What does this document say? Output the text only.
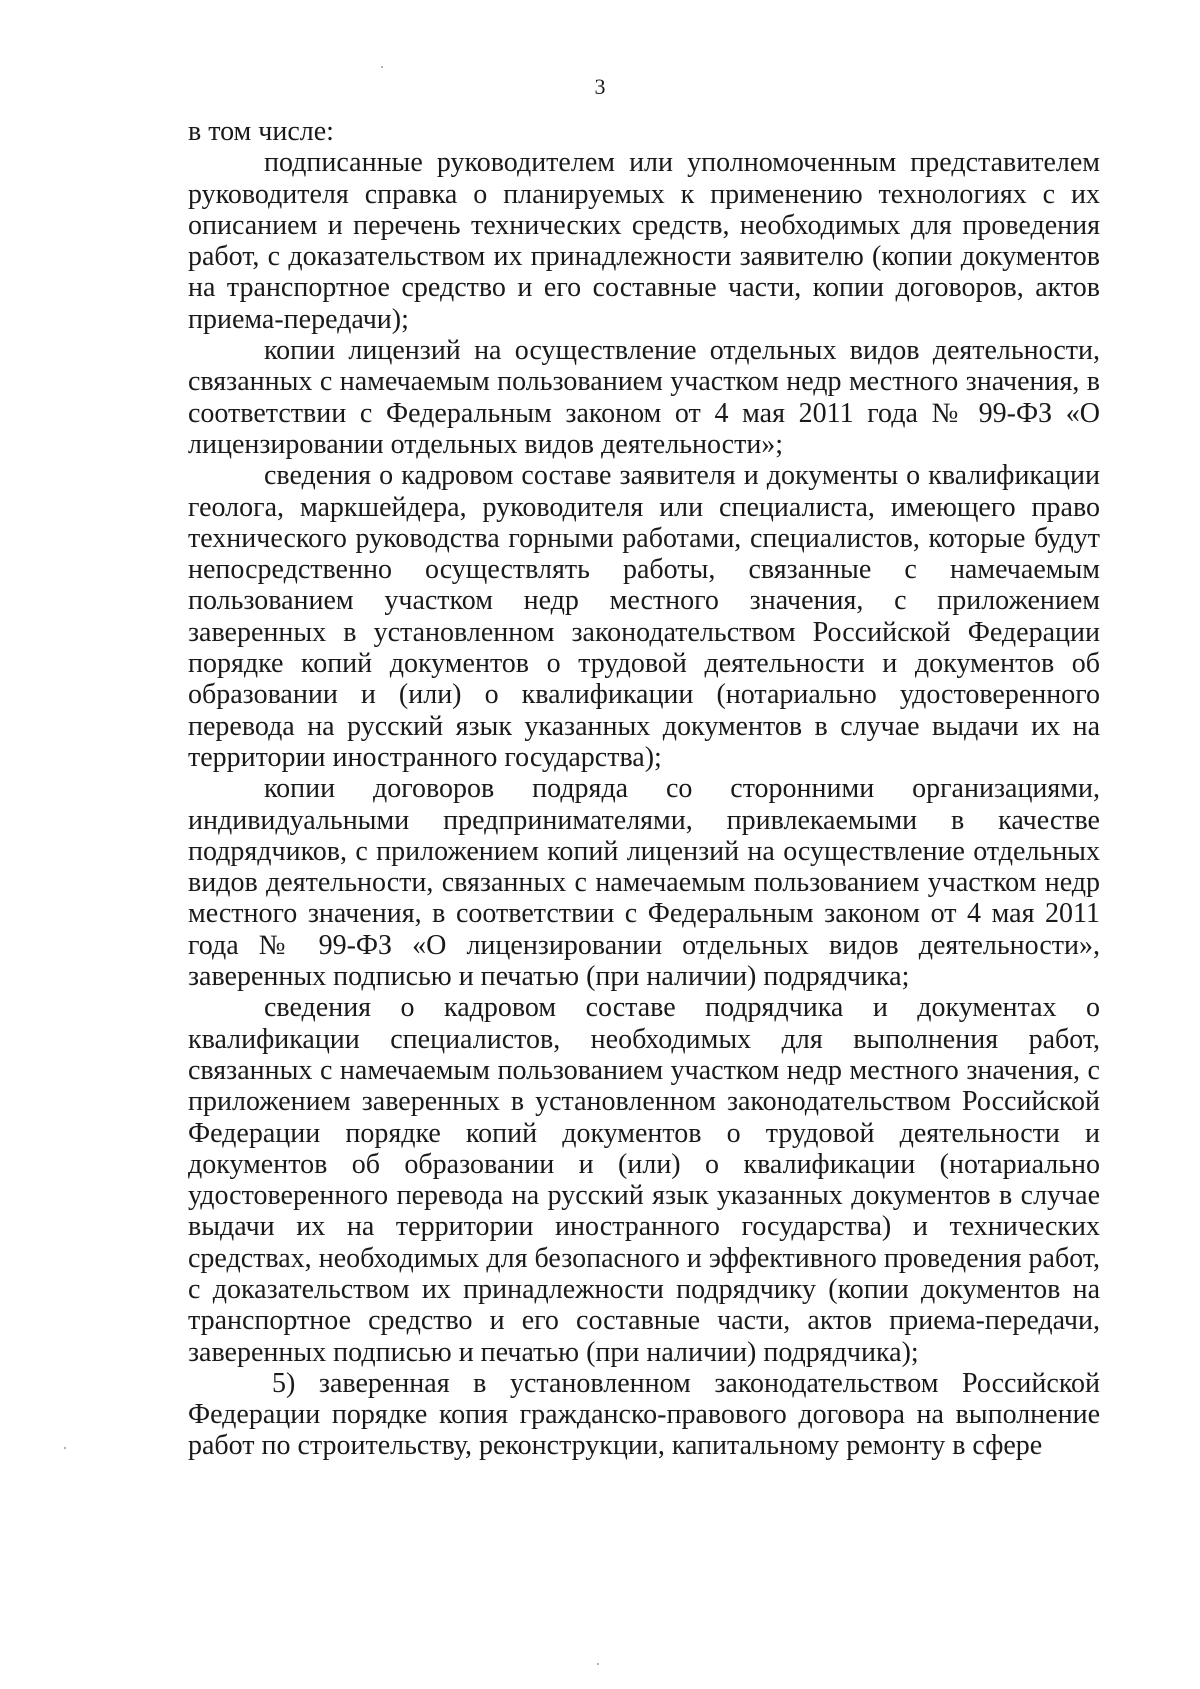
3

в том числе:

подписанные руководителем или уполномоченным представителем руководителя справка о планируемых к применению технологиях с их описанием и перечень технических средств, необходимых для проведения работ, с доказательством их принадлежности заявителю (копии документов на транспортное средство и его составные части, копии договоров, актов приема-передачи);

копии лицензий на осуществление отдельных видов деятельности, связанных с намечаемым пользованием участком недр местного значения, в соответствии с Федеральным законом от 4 мая 2011 года № 99-ФЗ «О лицензировании отдельных видов деятельности»;

сведения о кадровом составе заявителя и документы о квалификации геолога, маркшейдера, руководителя или специалиста, имеющего право технического руководства горными работами, специалистов, которые будут непосредственно осуществлять работы, связанные с намечаемым пользованием участком недр местного значения, с приложением заверенных в установленном законодательством Российской Федерации порядке копий документов о трудовой деятельности и документов об образовании и (или) о квалификации (нотариально удостоверенного перевода на русский язык указанных документов в случае выдачи их на территории иностранного государства);

копии договоров подряда со сторонними организациями, индивидуальными предпринимателями, привлекаемыми в качестве подрядчиков, с приложением копий лицензий на осуществление отдельных видов деятельности, связанных с намечаемым пользованием участком недр местного значения, в соответствии с Федеральным законом от 4 мая 2011 года № 99-ФЗ «О лицензировании отдельных видов деятельности», заверенных подписью и печатью (при наличии) подрядчика;

сведения о кадровом составе подрядчика и документах о квалификации специалистов, необходимых для выполнения работ, связанных с намечаемым пользованием участком недр местного значения, с приложением заверенных в установленном законодательством Российской Федерации порядке копий документов о трудовой деятельности и документов об образовании и (или) о квалификации (нотариально удостоверенного перевода на русский язык указанных документов в случае выдачи их на территории иностранного государства) и технических средствах, необходимых для безопасного и эффективного проведения работ, с доказательством их принадлежности подрядчику (копии документов на транспортное средство и его составные части, актов приема-передачи, заверенных подписью и печатью (при наличии) подрядчика);

5) заверенная в установленном законодательством Российской Федерации порядке копия гражданско-правового договора на выполнение работ по строительству, реконструкции, капитальному ремонту в сфере
